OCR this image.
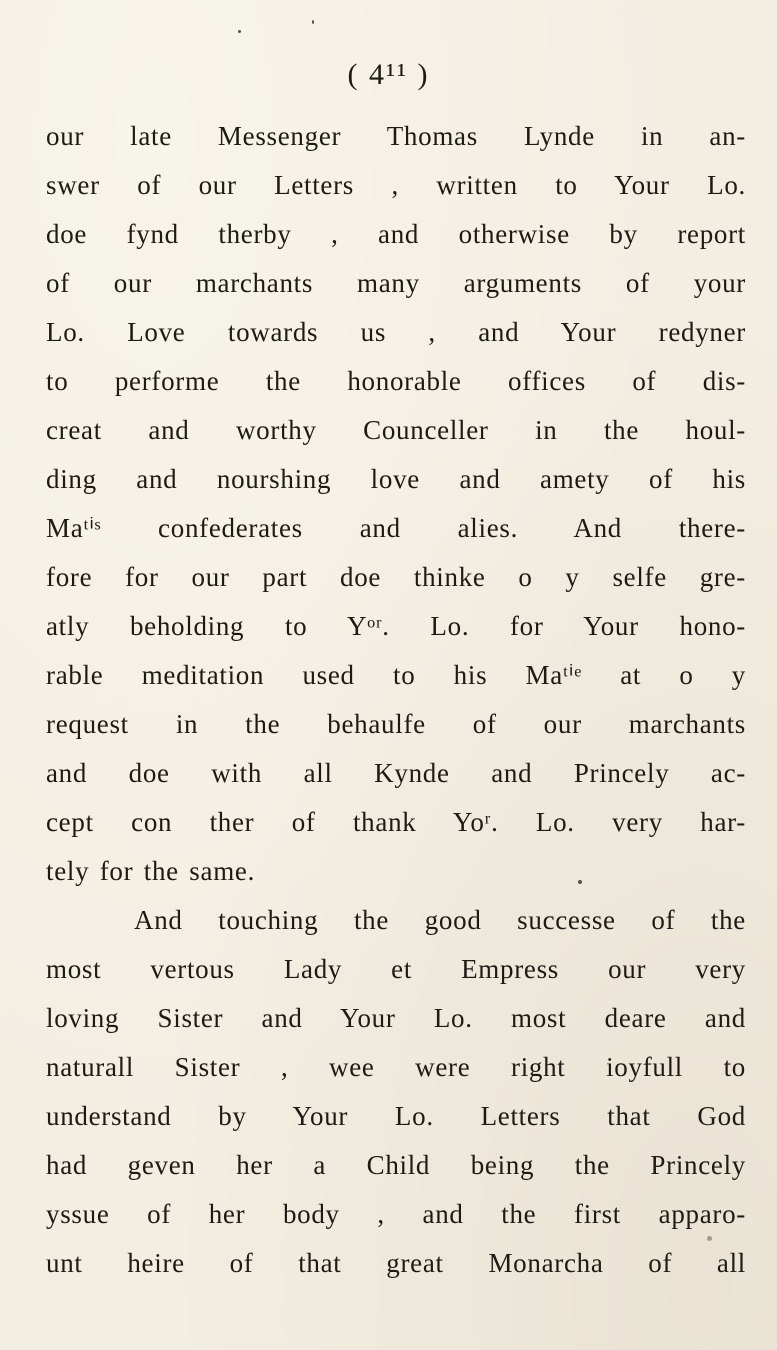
( 4¹¹ )
our late Messenger Thomas Lynde in an-
swer of our Letters , written to Your Lo.
doe fynd therby , and otherwise by report
of our marchants many arguments of your
Lo. Love towards us , and Your redyner
to performe the honorable offices of dis-
creat and worthy Counceller in the houl-
ding and nourshing love and amety of his
Maᵗⁱˢ confederates and alies. And there-
fore for our part doe thinke o y selfe gre-
atly beholding to Yᵒʳ. Lo. for Your hono-
rable meditation used to his Maᵗⁱᵉ at o y
request in the behaulfe of our marchants
and doe with all Kynde and Princely ac-
cept con ther of thank Yoʳ. Lo. very har-
tely for the same.
And touching the good successe of the
most vertous Lady et Empress our very
loving Sister and Your Lo. most deare and
naturall Sister , wee were right ioyfull to
understand by Your Lo. Letters that God
had geven her a Child being the Princely
yssue of her body , and the first apparo-
unt heire of that great Monarcha of all
